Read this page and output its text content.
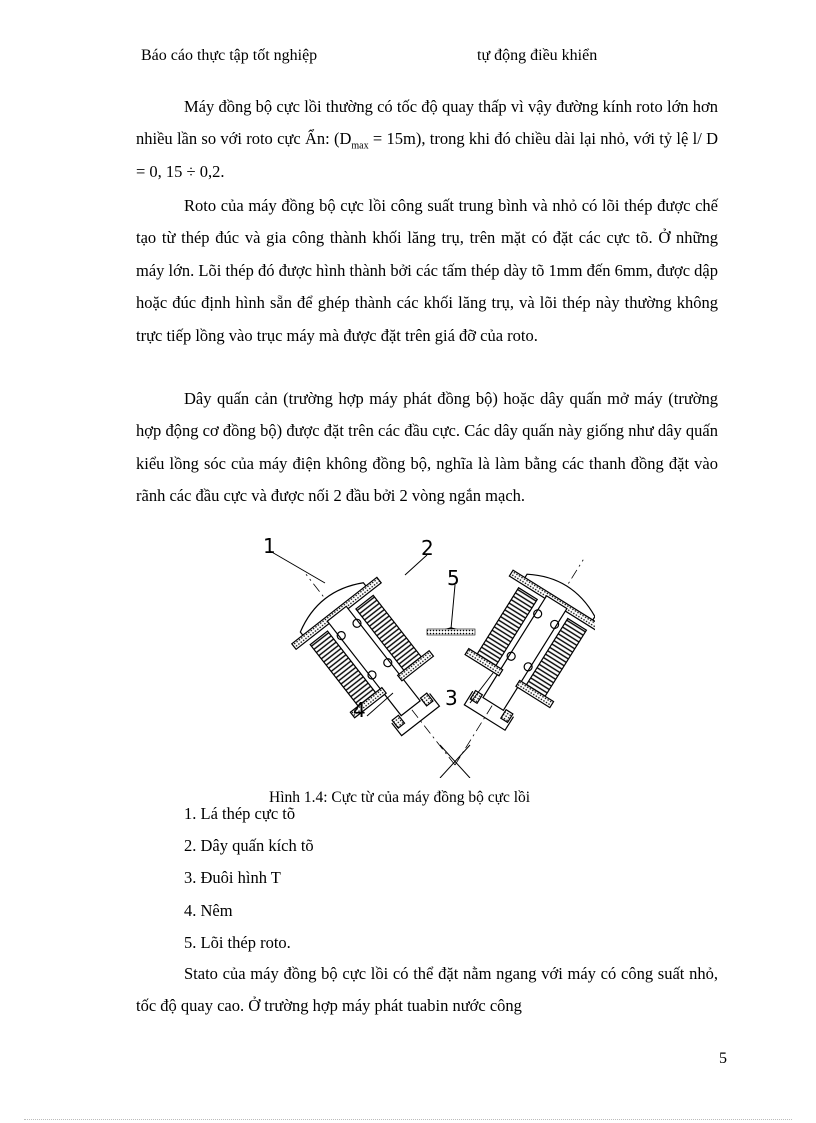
Báo cáo thực tập tốt nghiệp	tự động điều khiển

Máy đồng bộ cực lồi thường có tốc độ quay thấp vì vậy đường kính roto lớn hơn nhiều lần so với roto cực Ẩn: $(D_{max} = 15m)$, trong khi đó chiều dài lại nhỏ, với tỷ lệ l/ D = 0, 15 ÷ 0,2.

Roto của máy đồng bộ cực lồi công suất trung bình và nhỏ có lõi thép được chế tạo từ thép đúc và gia công thành khối lăng trụ, trên mặt có đặt các cực tõ. Ở những máy lớn. Lõi thép đó được hình thành bởi các tấm thép dày tõ 1mm đến 6mm, được dập hoặc đúc định hình sẵn để ghép thành các khối lăng trụ, và lõi thép này thường không trực tiếp lồng vào trục máy mà được đặt trên giá đỡ của roto.

Dây quấn cản (trường hợp máy phát đồng bộ) hoặc dây quấn mở máy (trường hợp động cơ đồng bộ) được đặt trên các đầu cực. Các dây quấn này giống như dây quấn kiểu lồng sóc của máy điện không đồng bộ, nghĩa là làm bằng các thanh đồng đặt vào rãnh các đầu cực và được nối 2 đầu bởi 2 vòng ngắn mạch.

1	2
5
4	3
Hình 1.4: Cực từ của máy đồng bộ cực lồi
1. Lá thép cực tõ
2. Dây quấn kích tõ
3. Đuôi hình T
4. Nêm
5. Lõi thép roto.

Stato của máy đồng bộ cực lồi có thể đặt nằm ngang với máy có công suất nhỏ, tốc độ quay cao. Ở trường hợp máy phát tuabin nước công

5
